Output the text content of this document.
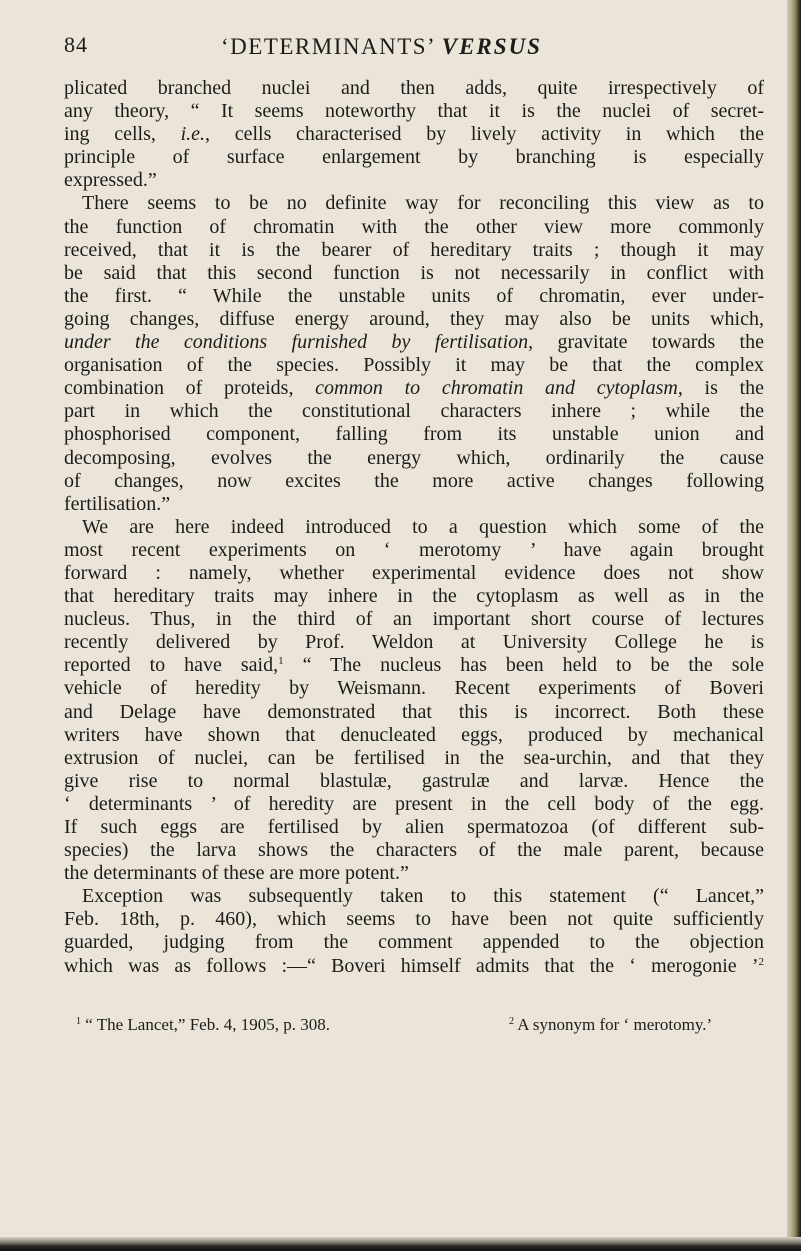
84	‘DETERMINANTS’ VERSUS
plicated branched nuclei and then adds, quite irrespectively of
any theory, “ It seems noteworthy that it is the nuclei of secret-
ing cells, i.e., cells characterised by lively activity in which the
principle of surface enlargement by branching is especially
expressed.”
There seems to be no definite way for reconciling this view as to
the function of chromatin with the other view more commonly
received, that it is the bearer of hereditary traits ; though it may
be said that this second function is not necessarily in conflict with
the first. “ While the unstable units of chromatin, ever under-
going changes, diffuse energy around, they may also be units which,
under the conditions furnished by fertilisation, gravitate towards the
organisation of the species. Possibly it may be that the complex
combination of proteids, common to chromatin and cytoplasm, is the
part in which the constitutional characters inhere ; while the
phosphorised component, falling from its unstable union and
decomposing, evolves the energy which, ordinarily the cause
of changes, now excites the more active changes following
fertilisation.”
We are here indeed introduced to a question which some of the
most recent experiments on ‘ merotomy ’ have again brought
forward : namely, whether experimental evidence does not show
that hereditary traits may inhere in the cytoplasm as well as in the
nucleus. Thus, in the third of an important short course of lectures
recently delivered by Prof. Weldon at University College he is
reported to have said,$^1$ “ The nucleus has been held to be the sole
vehicle of heredity by Weismann. Recent experiments of Boveri
and Delage have demonstrated that this is incorrect. Both these
writers have shown that denucleated eggs, produced by mechanical
extrusion of nuclei, can be fertilised in the sea-urchin, and that they
give rise to normal blastulæ, gastrulæ and larvæ. Hence the
‘ determinants ’ of heredity are present in the cell body of the egg.
If such eggs are fertilised by alien spermatozoa (of different sub-
species) the larva shows the characters of the male parent, because
the determinants of these are more potent.”
Exception was subsequently taken to this statement (“ Lancet,”
Feb. 18th, p. 460), which seems to have been not quite sufficiently
guarded, judging from the comment appended to the objection
which was as follows :—“ Boveri himself admits that the ‘ merogonie ’$^2$
$^1$ “ The Lancet,” Feb. 4, 1905, p. 308.	$^2$ A synonym for ‘ merotomy.’
